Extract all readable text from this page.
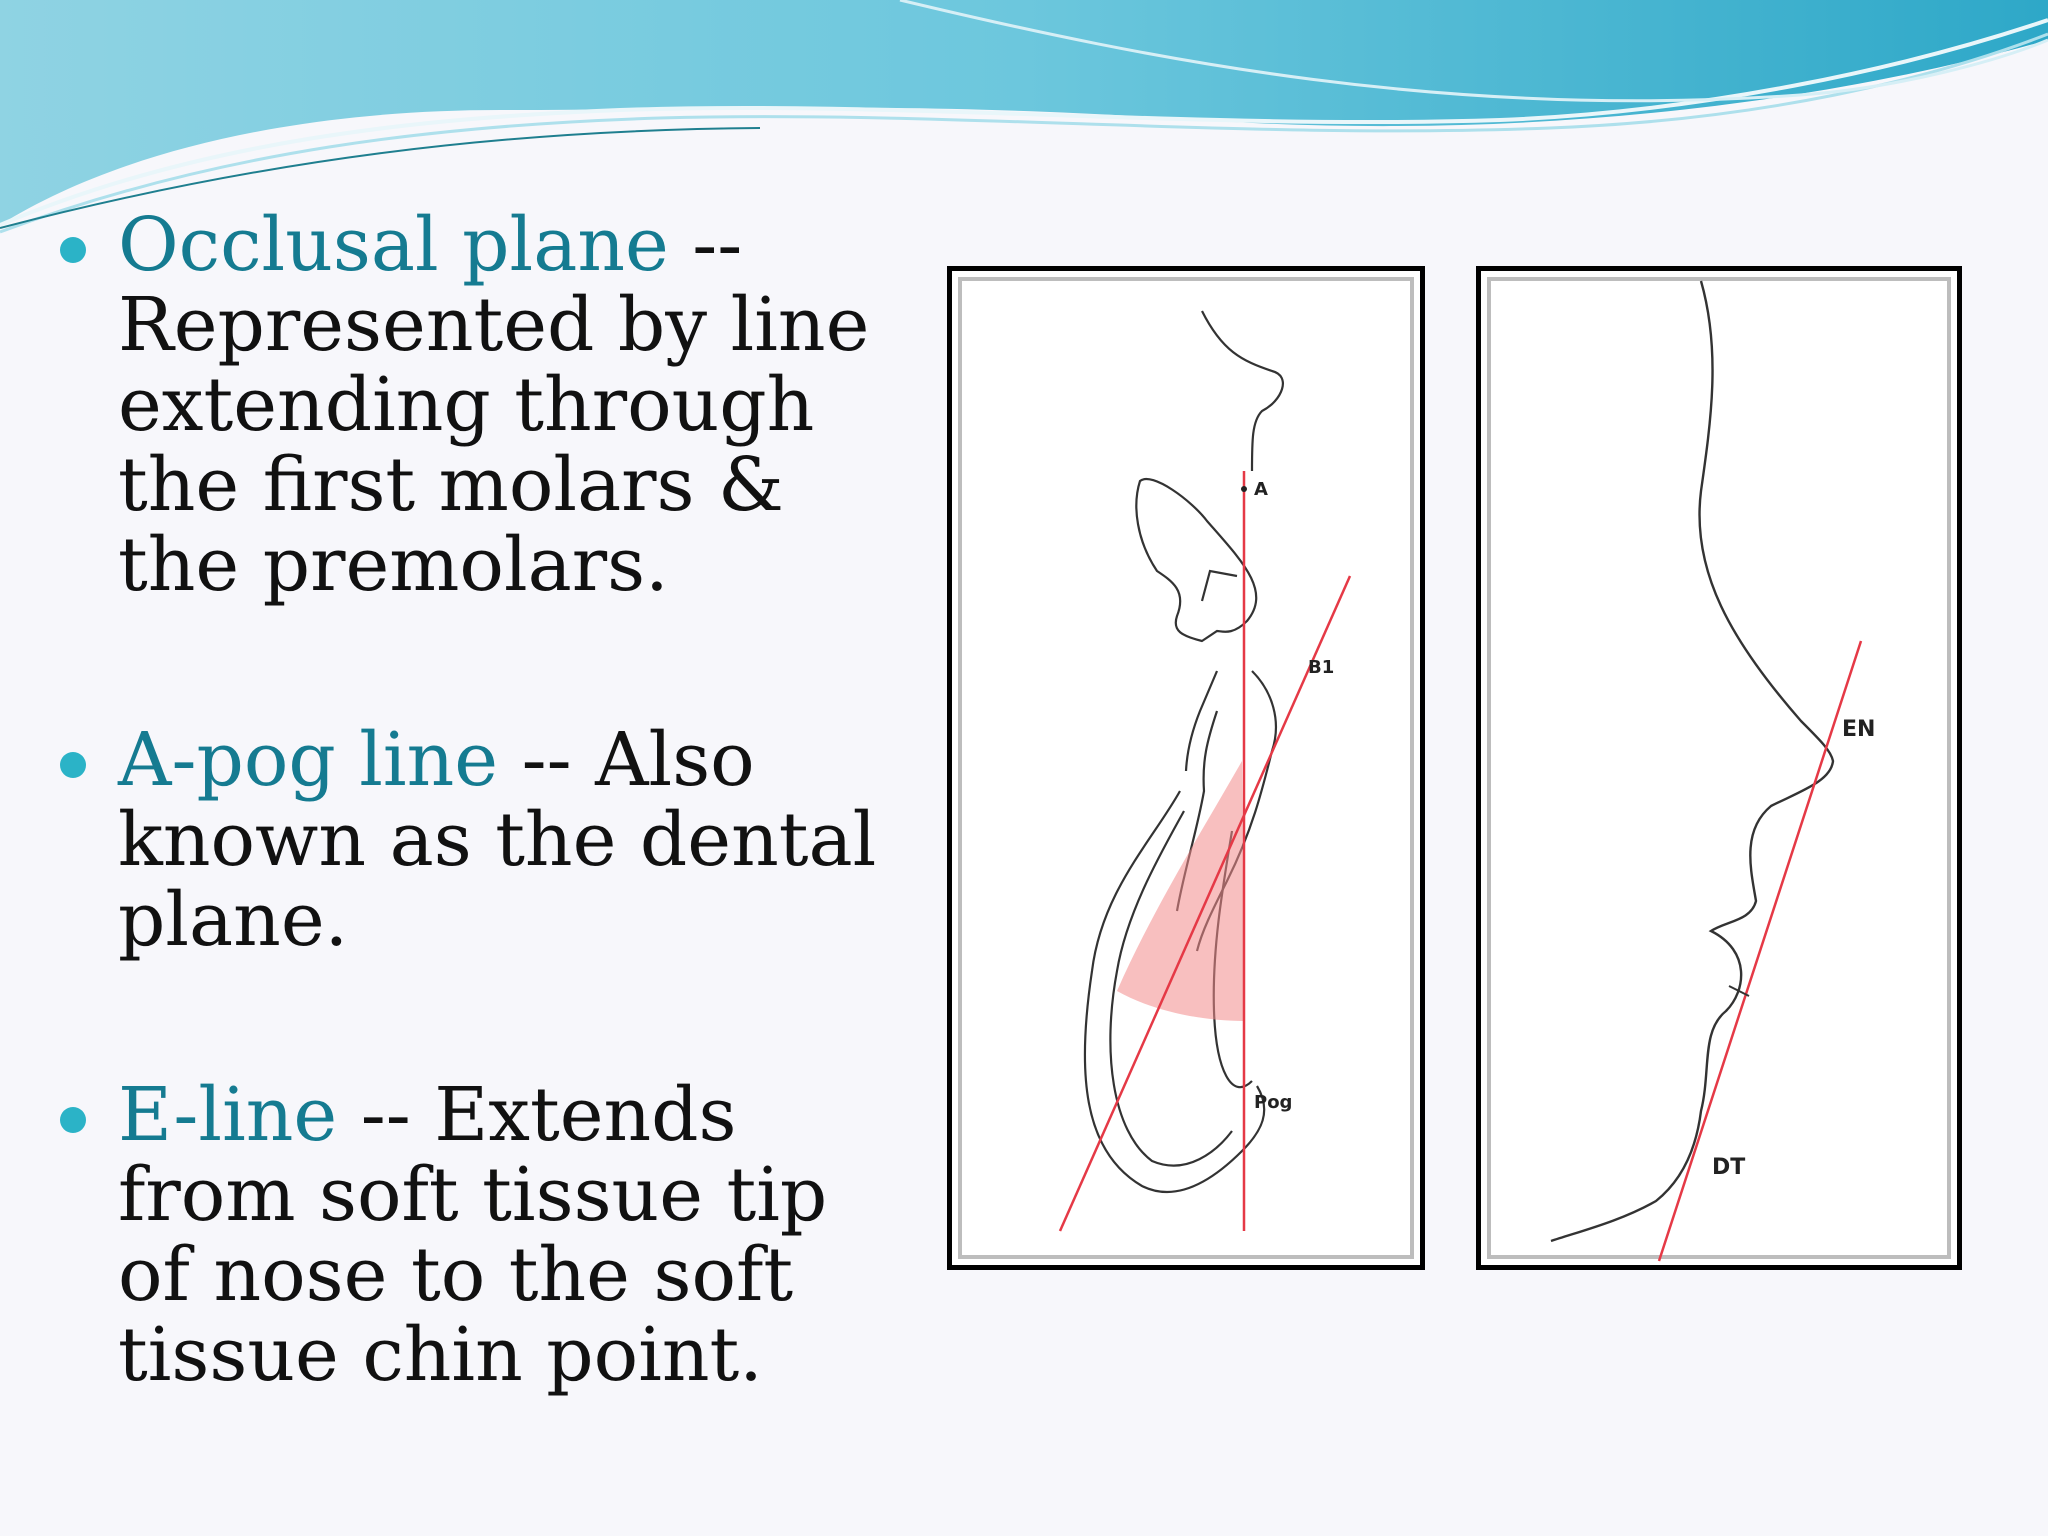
Occlusal plane -- Represented by line extending through the first molars & the premolars.
A-pog line -- Also known as the dental plane.
E-line -- Extends from soft tissue tip of nose to the soft tissue chin point.
A
B1
Pog
EN
DT
